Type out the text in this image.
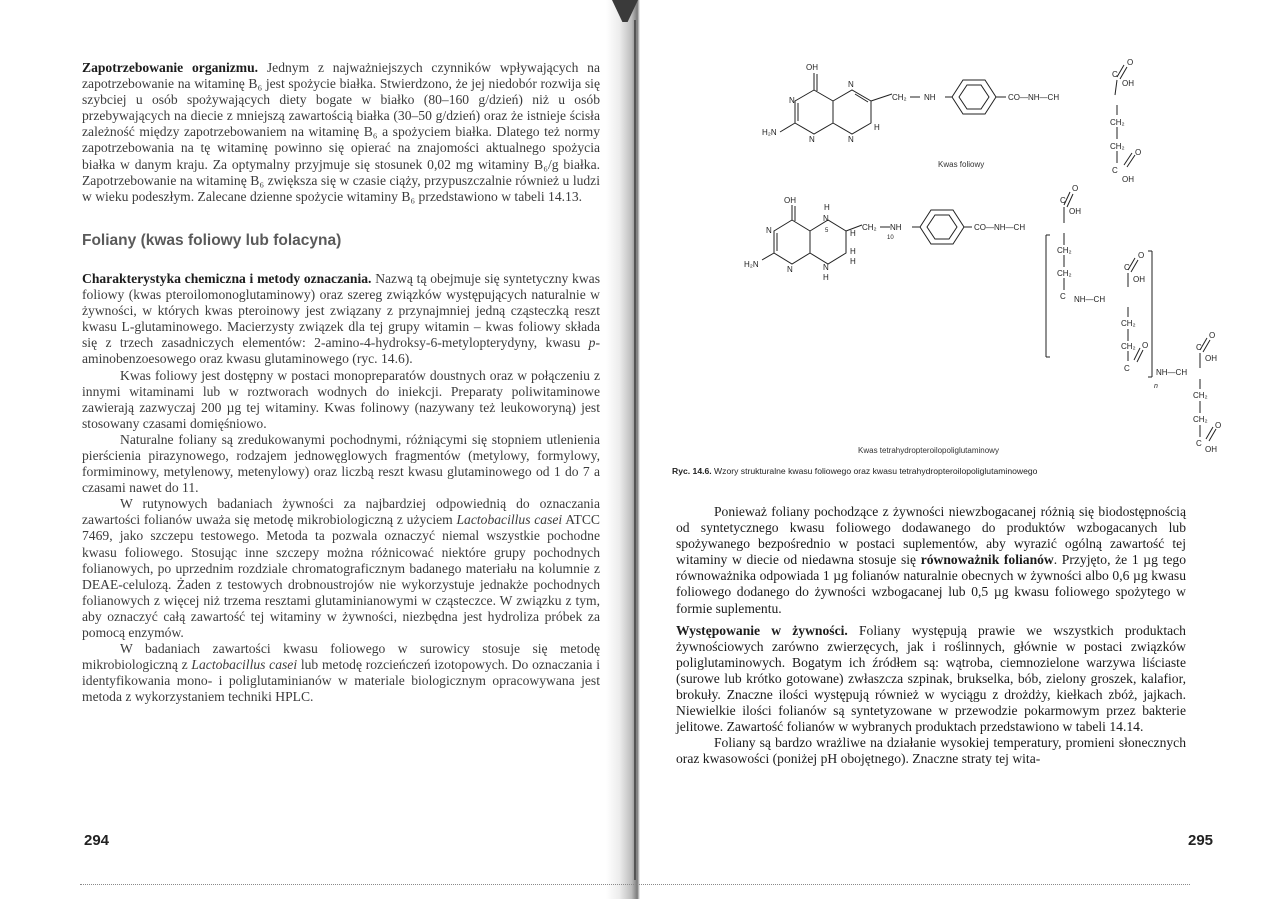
Zapotrzebowanie organizmu. Jednym z najważniejszych czynników wpływających na zapotrzebowanie na witaminę B₆ jest spożycie białka. Stwierdzono, że jej niedobór rozwija się szybciej u osób spożywających diety bogate w białko (80–160 g/dzień) niż u osób przebywających na diecie z mniejszą zawartością białka (30–50 g/dzień) oraz że istnieje ścisła zależność między zapotrzebowaniem na witaminę B₆ a spożyciem białka. Dlatego też normy zapotrzebowania na tę witaminę powinno się opierać na znajomości aktualnego spożycia białka w danym kraju. Za optymalny przyjmuje się stosunek 0,02 mg witaminy B₆/g białka. Zapotrzebowanie na witaminę B₆ zwiększa się w czasie ciąży, przypuszczalnie również u ludzi w wieku podeszłym. Zalecane dzienne spożycie witaminy B₆ przedstawiono w tabeli 14.13.

Foliany (kwas foliowy lub folacyna)

Charakterystyka chemiczna i metody oznaczania. Nazwą tą obejmuje się syntetyczny kwas foliowy (kwas pteroilomonoglutaminowy) oraz szereg związków występujących naturalnie w żywności, w których kwas pteroinowy jest związany z przynajmniej jedną cząsteczką reszt kwasu L-glutaminowego. Macierzysty związek dla tej grupy witamin – kwas foliowy składa się z trzech zasadniczych elementów: 2-amino-4-hydroksy-6-metylopterydyny, kwasu p-aminobenzoesowego oraz kwasu glutaminowego (ryc. 14.6).

Kwas foliowy jest dostępny w postaci monopreparatów doustnych oraz w połączeniu z innymi witaminami lub w roztworach wodnych do iniekcji. Preparaty poliwitaminowe zawierają zazwyczaj 200 µg tej witaminy. Kwas folinowy (nazywany też leukoworyną) jest stosowany czasami domięśniowo.

Naturalne foliany są zredukowanymi pochodnymi, różniącymi się stopniem utlenienia pierścienia pirazynowego, rodzajem jednowęglowych fragmentów (metylowy, formylowy, formiminowy, metylenowy, metenylowy) oraz liczbą reszt kwasu glutaminowego od 1 do 7 a czasami nawet do 11.

W rutynowych badaniach żywności za najbardziej odpowiednią do oznaczania zawartości folianów uważa się metodę mikrobiologiczną z użyciem Lactobacillus casei ATCC 7469, jako szczepu testowego. Metoda ta pozwala oznaczyć niemal wszystkie pochodne kwasu foliowego. Stosując inne szczepy można różnicować niektóre grupy pochodnych folianowych, po uprzednim rozdziale chromatograficznym badanego materiału na kolumnie z DEAE-celulozą. Żaden z testowych drobnoustrojów nie wykorzystuje jednakże pochodnych folianowych z więcej niż trzema resztami glutaminianowymi w cząsteczce. W związku z tym, aby oznaczyć całą zawartość tej witaminy w żywności, niezbędna jest hydroliza próbek za pomocą enzymów.

W badaniach zawartości kwasu foliowego w surowicy stosuje się metodę mikrobiologiczną z Lactobacillus casei lub metodę rozcieńczeń izotopowych. Do oznaczania i identyfikowania mono- i poliglutaminianów w materiale biologicznym opracowywana jest metoda z wykorzystaniem techniki HPLC.

294
OH
N
N
H₂N
N
N
H
CH₂ NH	CO—NH—CH
C
O
OH
CH₂
CH₂
C
O
OH
Kwas foliowy
OH
N
N
H₂N
H
N
5	H
H
H
N
H
CH₂ NH
10
CO—NH—CH
C
O
OH
CH₂
CH₂
C NH—CH
C
O
OH
CH₂
CH₂
C
O
NH—CH
n
C
O
OH
CH₂
CH₂
C
O
OH
Kwas tetrahydropteroilopoliglutaminowy
Ryc. 14.6. Wzory strukturalne kwasu foliowego oraz kwasu tetrahydropteroilopoliglutaminowego

Ponieważ foliany pochodzące z żywności niewzbogacanej różnią się biodostępnością od syntetycznego kwasu foliowego dodawanego do produktów wzbogacanych lub spożywanego bezpośrednio w postaci suplementów, aby wyrazić ogólną zawartość tej witaminy w diecie od niedawna stosuje się równoważnik folianów. Przyjęto, że 1 µg tego równoważnika odpowiada 1 µg folianów naturalnie obecnych w żywności albo 0,6 µg kwasu foliowego dodanego do żywności wzbogacanej lub 0,5 µg kwasu foliowego spożytego w formie suplementu.

Występowanie w żywności. Foliany występują prawie we wszystkich produktach żywnościowych zarówno zwierzęcych, jak i roślinnych, głównie w postaci związków poliglutaminowych. Bogatym ich źródłem są: wątroba, ciemnozielone warzywa liściaste (surowe lub krótko gotowane) zwłaszcza szpinak, brukselka, bób, zielony groszek, kalafior, brokuły. Znaczne ilości występują również w wyciągu z drożdży, kiełkach zbóż, jajkach. Niewielkie ilości folianów są syntetyzowane w przewodzie pokarmowym przez bakterie jelitowe. Zawartość folianów w wybranych produktach przedstawiono w tabeli 14.14.

Foliany są bardzo wrażliwe na działanie wysokiej temperatury, promieni słonecznych oraz kwasowości (poniżej pH obojętnego). Znaczne straty tej wita-

295
